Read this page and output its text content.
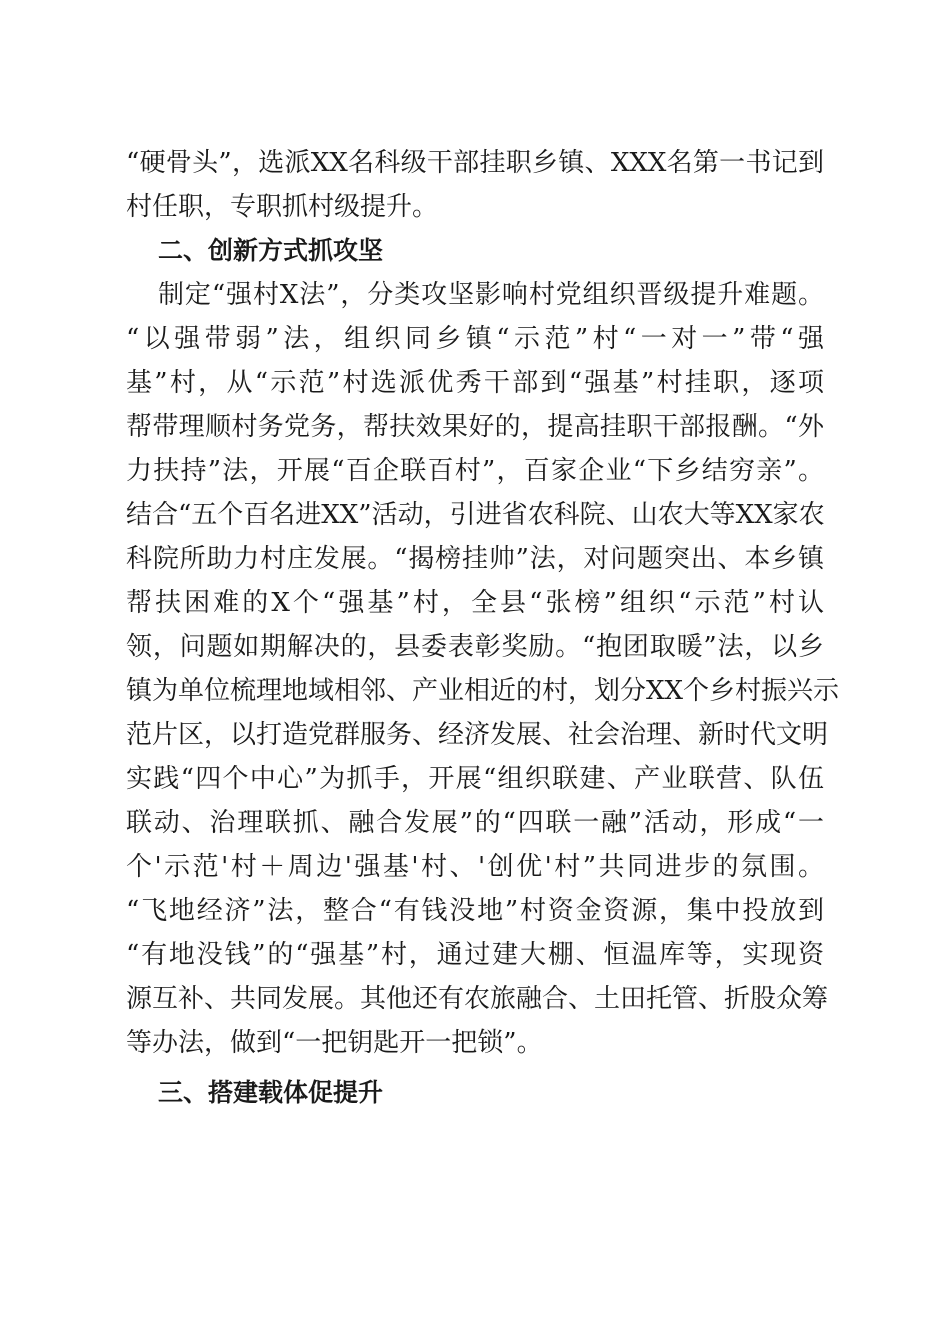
“硬骨头”，选派XX名科级干部挂职乡镇、XXX名第一书记到
村任职，专职抓村级提升。
二、创新方式抓攻坚
制定“强村X法”，分类攻坚影响村党组织晋级提升难题。
“以强带弱”法，组织同乡镇“示范”村“一对一”带“强
基”村，从“示范”村选派优秀干部到“强基”村挂职，逐项
帮带理顺村务党务，帮扶效果好的，提高挂职干部报酬。“外
力扶持”法，开展“百企联百村”，百家企业“下乡结穷亲”。
结合“五个百名进XX”活动，引进省农科院、山农大等XX家农
科院所助力村庄发展。“揭榜挂帅”法，对问题突出、本乡镇
帮扶困难的X个“强基”村，全县“张榜”组织“示范”村认
领，问题如期解决的，县委表彰奖励。“抱团取暖”法，以乡
镇为单位梳理地域相邻、产业相近的村，划分XX个乡村振兴示
范片区，以打造党群服务、经济发展、社会治理、新时代文明
实践“四个中心”为抓手，开展“组织联建、产业联营、队伍
联动、治理联抓、融合发展”的“四联一融”活动，形成“一
个'示范'村＋周边'强基'村、'创优'村”共同进步的氛围。
“飞地经济”法，整合“有钱没地”村资金资源，集中投放到
“有地没钱”的“强基”村，通过建大棚、恒温库等，实现资
源互补、共同发展。其他还有农旅融合、土田托管、折股众筹
等办法，做到“一把钥匙开一把锁”。
三、搭建载体促提升
